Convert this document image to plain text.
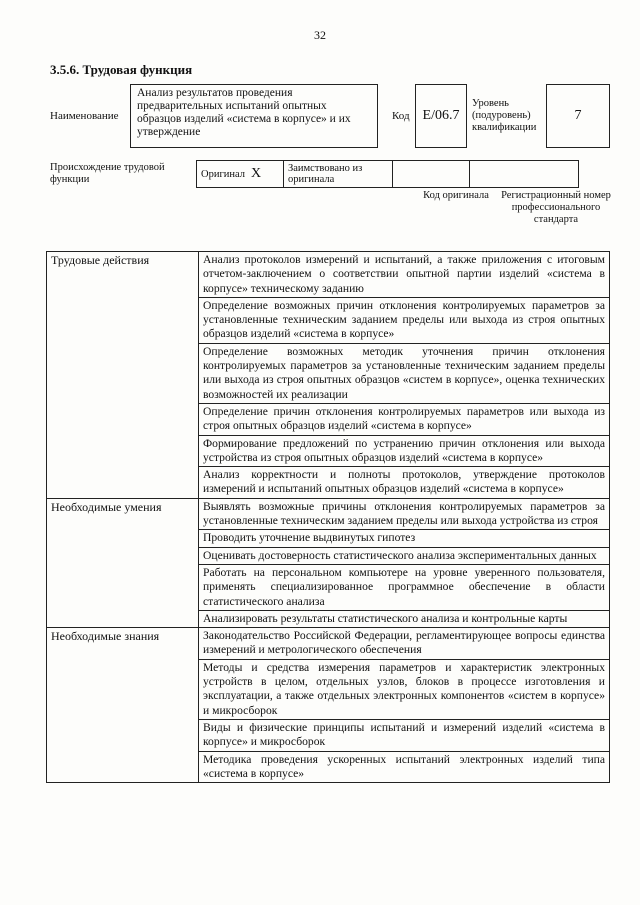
32
3.5.6. Трудовая функция
Наименование
Анализ результатов проведения предварительных испытаний опытных образцов изделий «система в корпусе» и их утверждение
Код E/06.7
Уровень (подуровень) квалификации
7
Происхождение трудовой функции	Оригинал X	Заимствовано из оригинала		
Код оригинала	Регистрационный номер профессионального стандарта
Трудовые действия	Анализ протоколов измерений и испытаний, а также приложения с итоговым отчетом-заключением о соответствии опытной партии изделий «система в корпусе» техническому заданию
	Определение возможных причин отклонения контролируемых параметров за установленные техническим заданием пределы или выхода из строя опытных образцов изделий «система в корпусе»
	Определение возможных методик уточнения причин отклонения контролируемых параметров за установленные техническим заданием пределы или выхода из строя опытных образцов «систем в корпусе», оценка технических возможностей их реализации
	Определение причин отклонения контролируемых параметров или выхода из строя опытных образцов изделий «система в корпусе»
	Формирование предложений по устранению причин отклонения или выхода устройства из строя опытных образцов изделий «система в корпусе»
	Анализ корректности и полноты протоколов, утверждение протоколов измерений и испытаний опытных образцов изделий «система в корпусе»
Необходимые умения	Выявлять возможные причины отклонения контролируемых параметров за установленные техническим заданием пределы или выхода устройства из строя
	Проводить уточнение выдвинутых гипотез
	Оценивать достоверность статистического анализа экспериментальных данных
	Работать на персональном компьютере на уровне уверенного пользователя, применять специализированное программное обеспечение в области статистического анализа
	Анализировать результаты статистического анализа и контрольные карты
Необходимые знания	Законодательство Российской Федерации, регламентирующее вопросы единства измерений и метрологического обеспечения
	Методы и средства измерения параметров и характеристик электронных устройств в целом, отдельных узлов, блоков в процессе изготовления и эксплуатации, а также отдельных электронных компонентов «систем в корпусе» и микросборок
	Виды и физические принципы испытаний и измерений изделий «система в корпусе» и микросборок
	Методика проведения ускоренных испытаний электронных изделий типа «система в корпусе»
